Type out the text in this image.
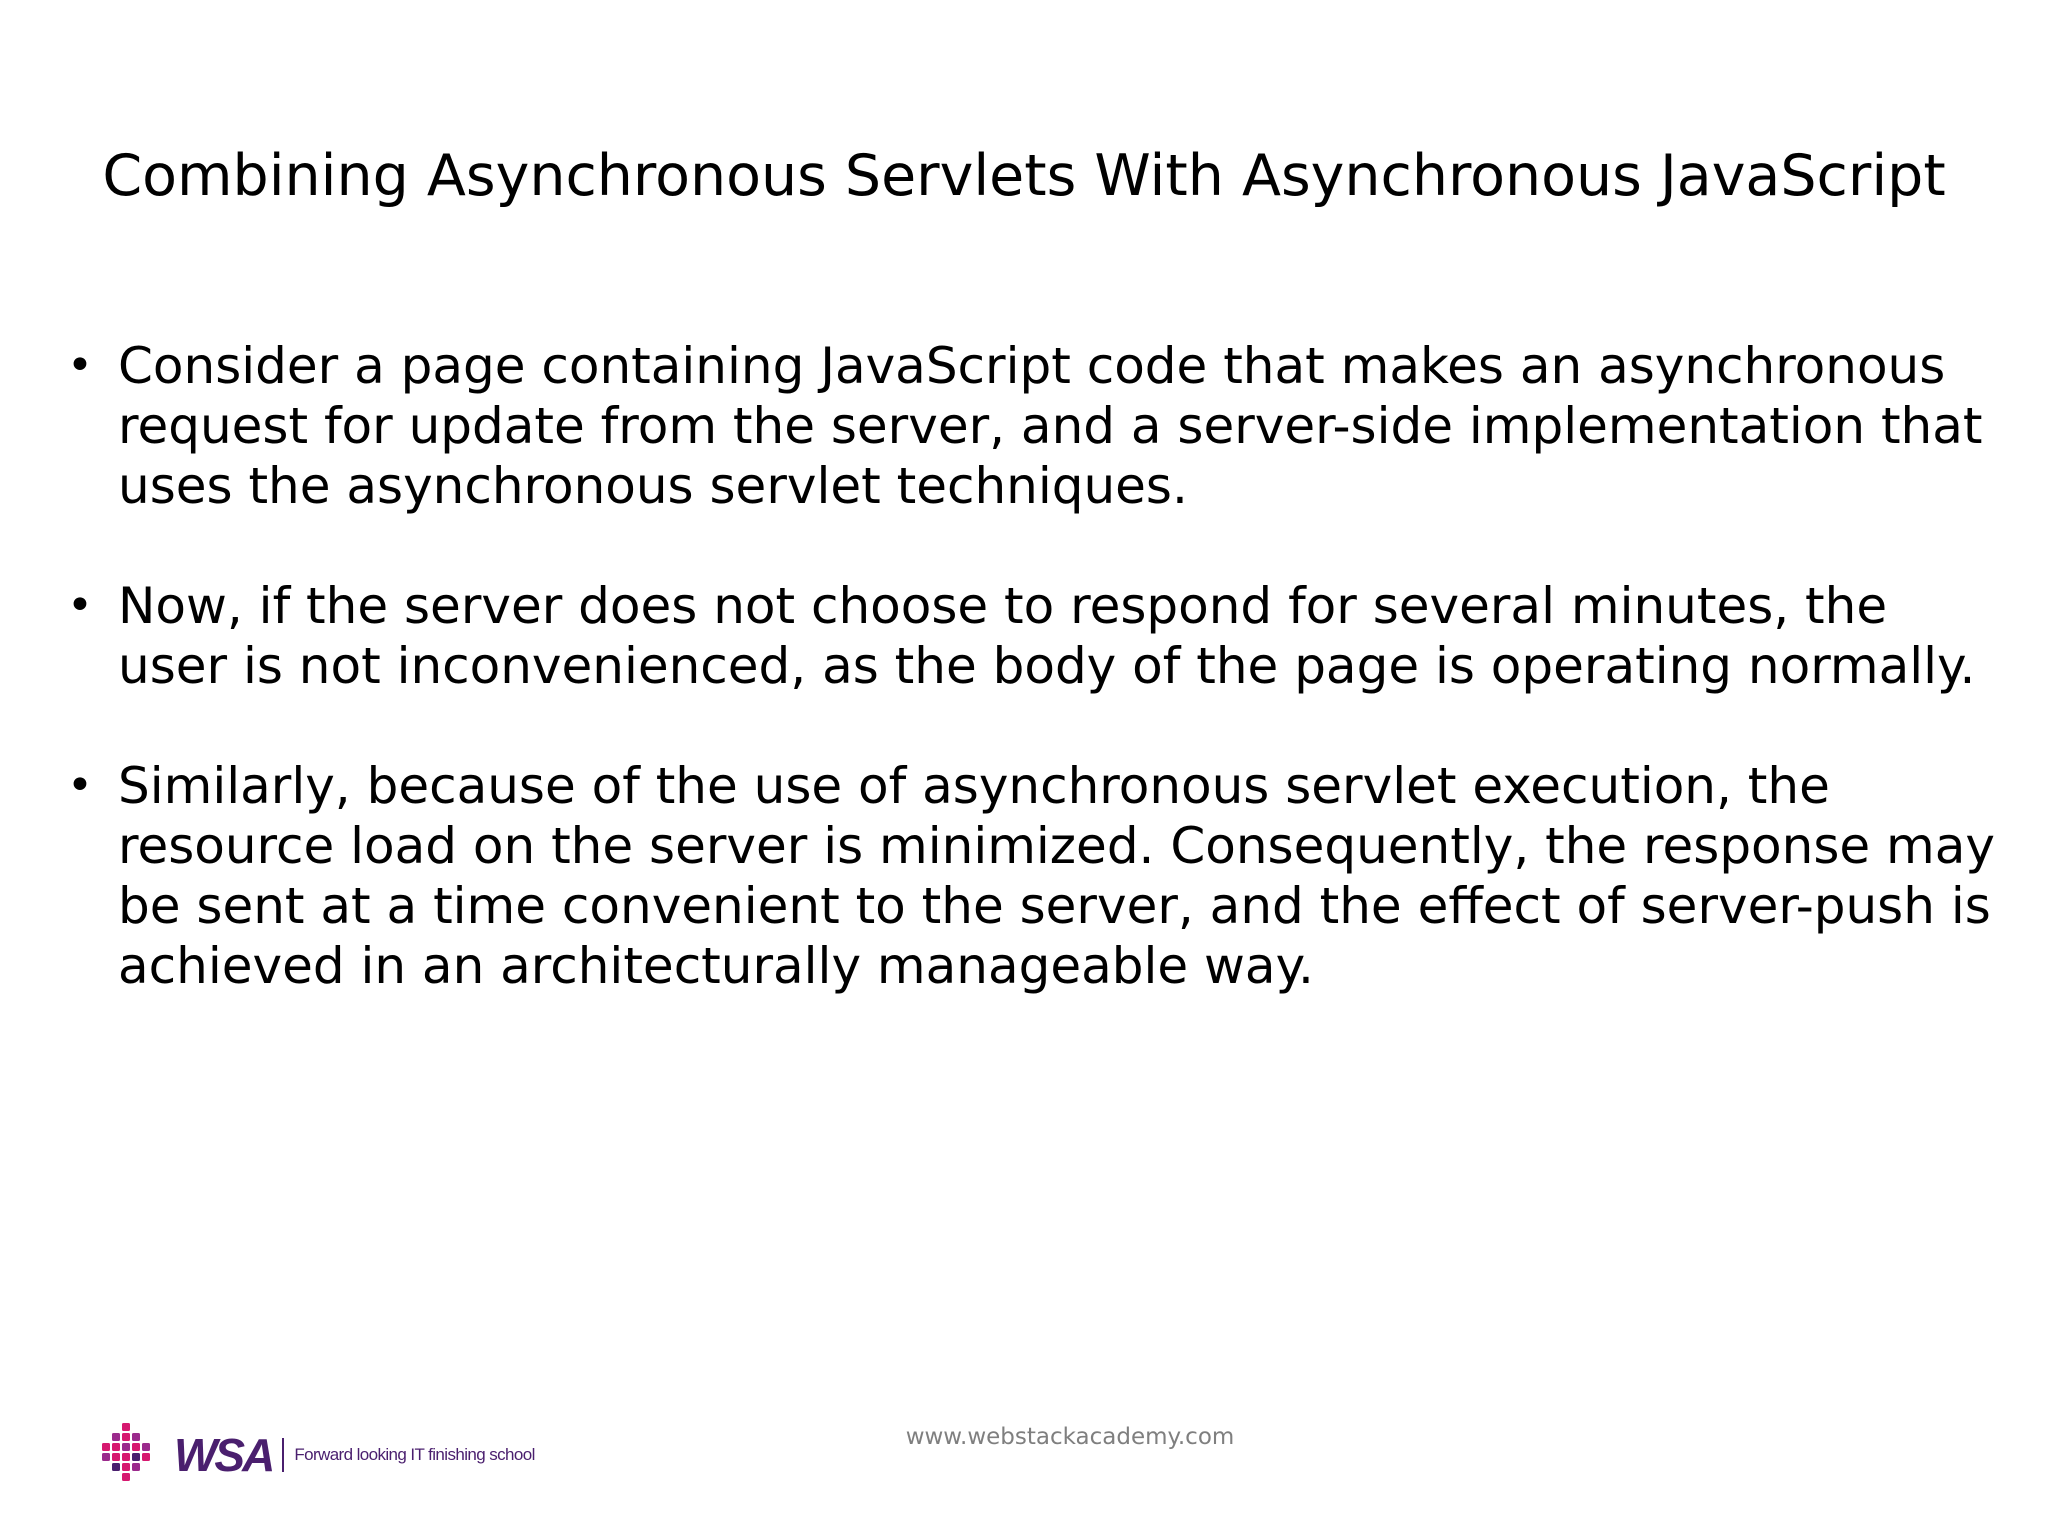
Combining Asynchronous Servlets With Asynchronous JavaScript
• Consider a page containing JavaScript code that makes an asynchronous request for update from the server, and a server-side implementation that uses the asynchronous servlet techniques.
• Now, if the server does not choose to respond for several minutes, the user is not inconvenienced, as the body of the page is operating normally.
• Similarly, because of the use of asynchronous servlet execution, the resource load on the server is minimized. Consequently, the response may be sent at a time convenient to the server, and the effect of server-push is achieved in an architecturally manageable way.
WSA Forward looking IT finishing school
www.webstackacademy.com
